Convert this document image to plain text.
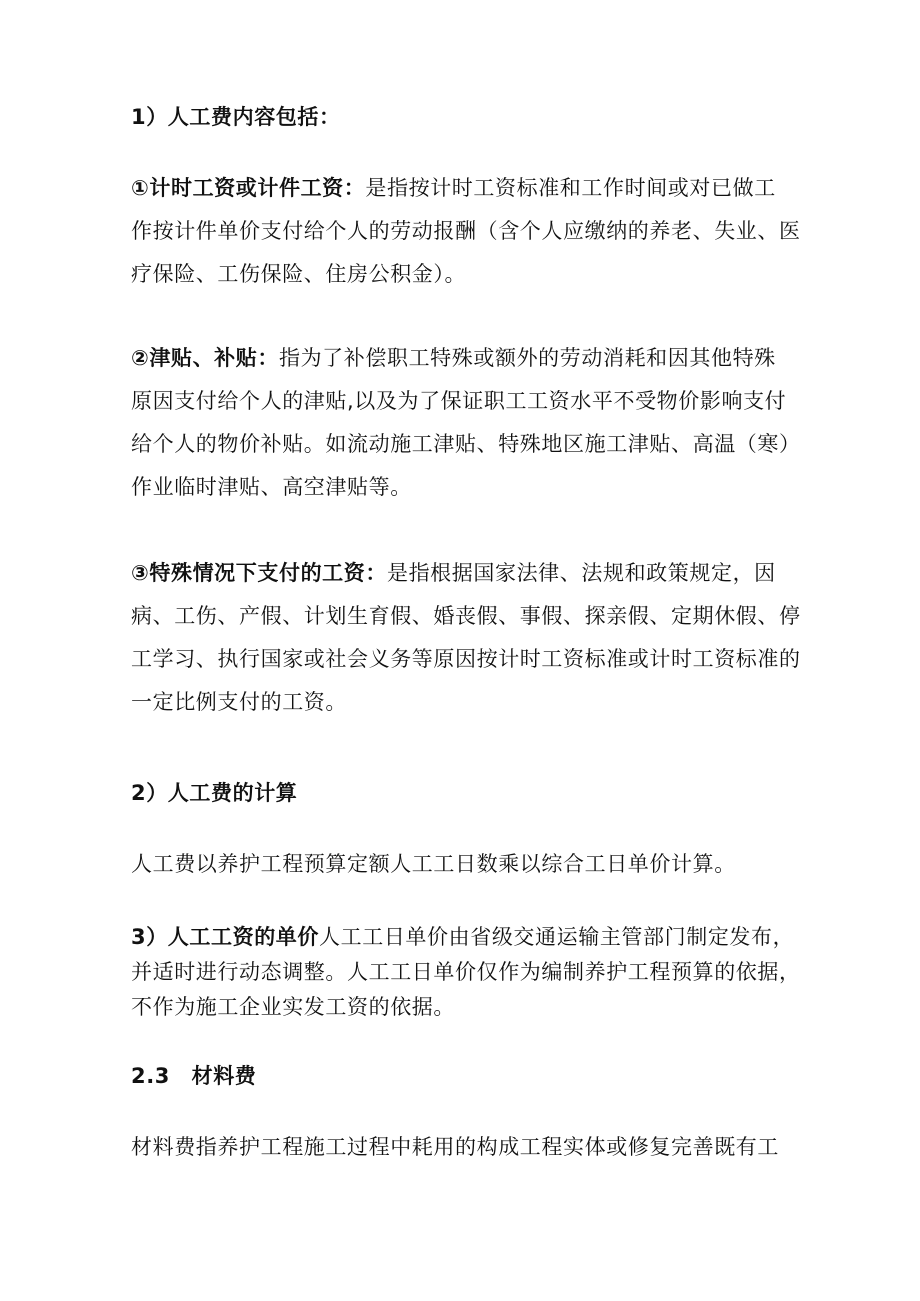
1）人工费内容包括：

①计时工资或计件工资：是指按计时工资标准和工作时间或对已做工
作按计件单价支付给个人的劳动报酬（含个人应缴纳的养老、失业、医
疗保险、工伤保险、住房公积金）。

②津贴、补贴：指为了补偿职工特殊或额外的劳动消耗和因其他特殊
原因支付给个人的津贴,以及为了保证职工工资水平不受物价影响支付
给个人的物价补贴。如流动施工津贴、特殊地区施工津贴、高温（寒）
作业临时津贴、高空津贴等。

③特殊情况下支付的工资：是指根据国家法律、法规和政策规定，因
病、工伤、产假、计划生育假、婚丧假、事假、探亲假、定期休假、停
工学习、执行国家或社会义务等原因按计时工资标准或计时工资标准的
一定比例支付的工资。

2）人工费的计算

人工费以养护工程预算定额人工工日数乘以综合工日单价计算。

3）人工工资的单价人工工日单价由省级交通运输主管部门制定发布，
并适时进行动态调整。人工工日单价仅作为编制养护工程预算的依据，
不作为施工企业实发工资的依据。

2.3　材料费

材料费指养护工程施工过程中耗用的构成工程实体或修复完善既有工
